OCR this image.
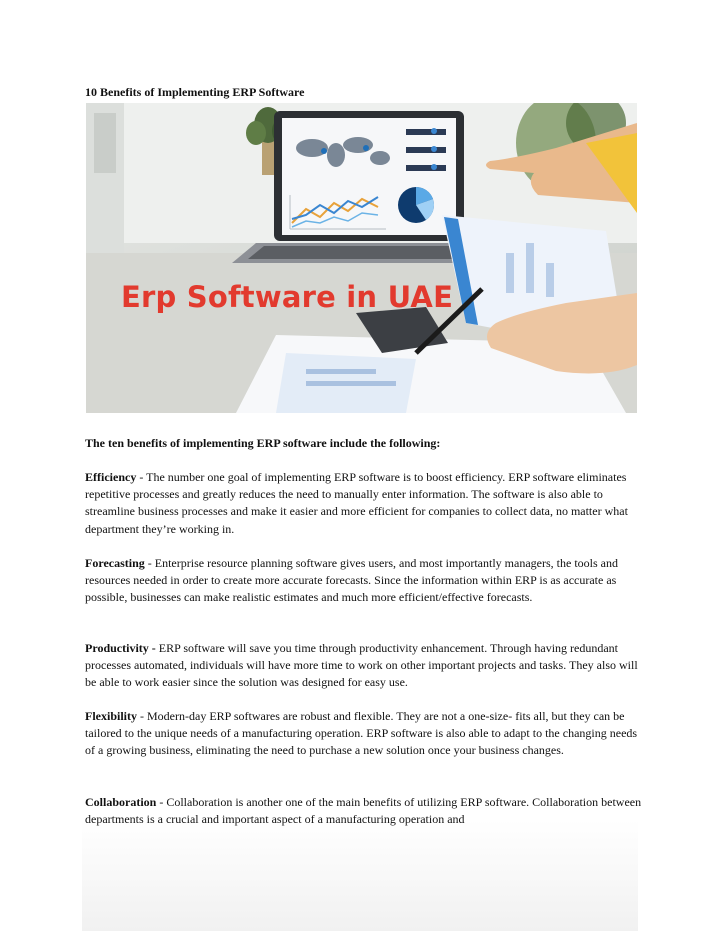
10 Benefits of Implementing ERP Software
Erp Software in UAE
The ten benefits of implementing ERP software include the following:
Efficiency - The number one goal of implementing ERP software is to boost efficiency. ERP software eliminates repetitive processes and greatly reduces the need to manually enter information. The software is also able to streamline business processes and make it easier and more efficient for companies to collect data, no matter what department they’re working in.
Forecasting - Enterprise resource planning software gives users, and most importantly managers, the tools and resources needed in order to create more accurate forecasts. Since the information within ERP is as accurate as possible, businesses can make realistic estimates and much more efficient/effective forecasts.
Productivity - ERP software will save you time through productivity enhancement. Through having redundant processes automated, individuals will have more time to work on other important projects and tasks. They also will be able to work easier since the solution was designed for easy use.
Flexibility - Modern-day ERP softwares are robust and flexible. They are not a one-size- fits all, but they can be tailored to the unique needs of a manufacturing operation. ERP software is also able to adapt to the changing needs of a growing business, eliminating the need to purchase a new solution once your business changes.
Collaboration - Collaboration is another one of the main benefits of utilizing ERP software. Collaboration between departments is a crucial and important aspect of a manufacturing operation and
